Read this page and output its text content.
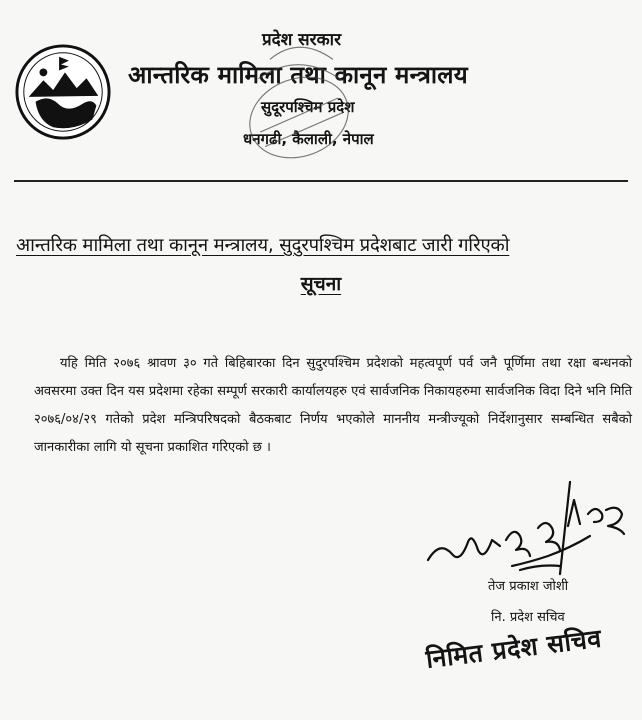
प्रदेश सरकार
आन्तरिक मामिला तथा कानून मन्त्रालय
सुदूरपश्चिम प्रदेश
धनगढी, कैलाली, नेपाल
आन्तरिक मामिला तथा कानून मन्त्रालय, सुदुरपश्चिम प्रदेशबाट जारी गरिएको
सूचना
यहि मिति २०७६ श्रावण ३० गते बिहिबारका दिन सुदुरपश्चिम प्रदेशको महत्वपूर्ण पर्व जनै पूर्णिमा तथा रक्षा बन्धनको अवसरमा उक्त दिन यस प्रदेशमा रहेका सम्पूर्ण सरकारी कार्यालयहरु एवं सार्वजनिक निकायहरुमा सार्वजनिक विदा दिने भनि मिति २०७६/०४/२९ गतेको प्रदेश मन्त्रिपरिषदको बैठकबाट निर्णय भएकोले माननीय मन्त्रीज्यूको निर्देशानुसार सम्बन्धित सबैको जानकारीका लागि यो सूचना प्रकाशित गरिएको छ ।
तेज प्रकाश जोशी
नि. प्रदेश सचिव
निमित प्रदेश सचिव
